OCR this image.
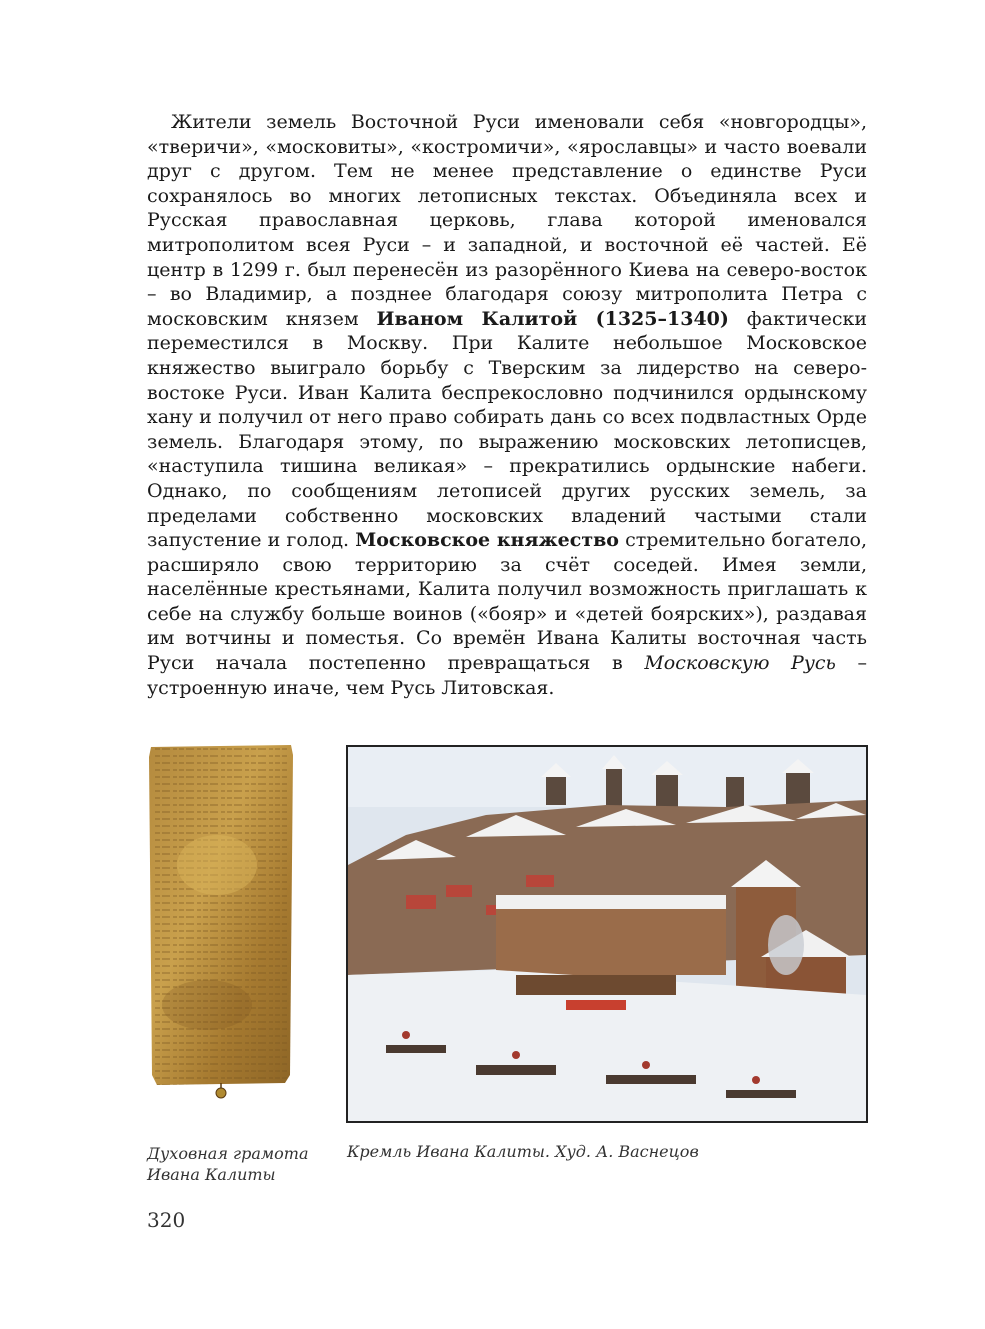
Жители земель Восточной Руси именовали себя «новгородцы», «тверичи», «московиты», «костромичи», «ярославцы» и часто воевали друг с другом. Тем не менее представление о единстве Руси сохранялось во многих летописных текстах. Объединяла всех и Русская православная церковь, глава которой именовался митрополитом всея Руси – и западной, и восточной её частей. Её центр в 1299 г. был перенесён из разорённого Киева на северо-восток – во Владимир, а позднее благодаря союзу митрополита Петра с московским князем Иваном Калитой (1325–1340) фактически переместился в Москву. При Калите небольшое Московское княжество выиграло борьбу с Тверским за лидерство на северо-востоке Руси. Иван Калита беспрекословно подчинился ордынскому хану и получил от него право собирать дань со всех подвластных Орде земель. Благодаря этому, по выражению московских летописцев, «наступила тишина великая» – прекратились ордынские набеги. Однако, по сообщениям летописей других русских земель, за пределами собственно московских владений частыми стали запустение и голод. Московское княжество стремительно богатело, расширяло свою территорию за счёт соседей. Имея земли, населённые крестьянами, Калита получил возможность приглашать к себе на службу больше воинов («бояр» и «детей боярских»), раздавая им вотчины и поместья. Со времён Ивана Калиты восточная часть Руси начала постепенно превращаться в Московскую Русь – устроенную иначе, чем Русь Литовская.

Духовная грамота Ивана Калиты
Кремль Ивана Калиты. Худ. А. Васнецов
320
